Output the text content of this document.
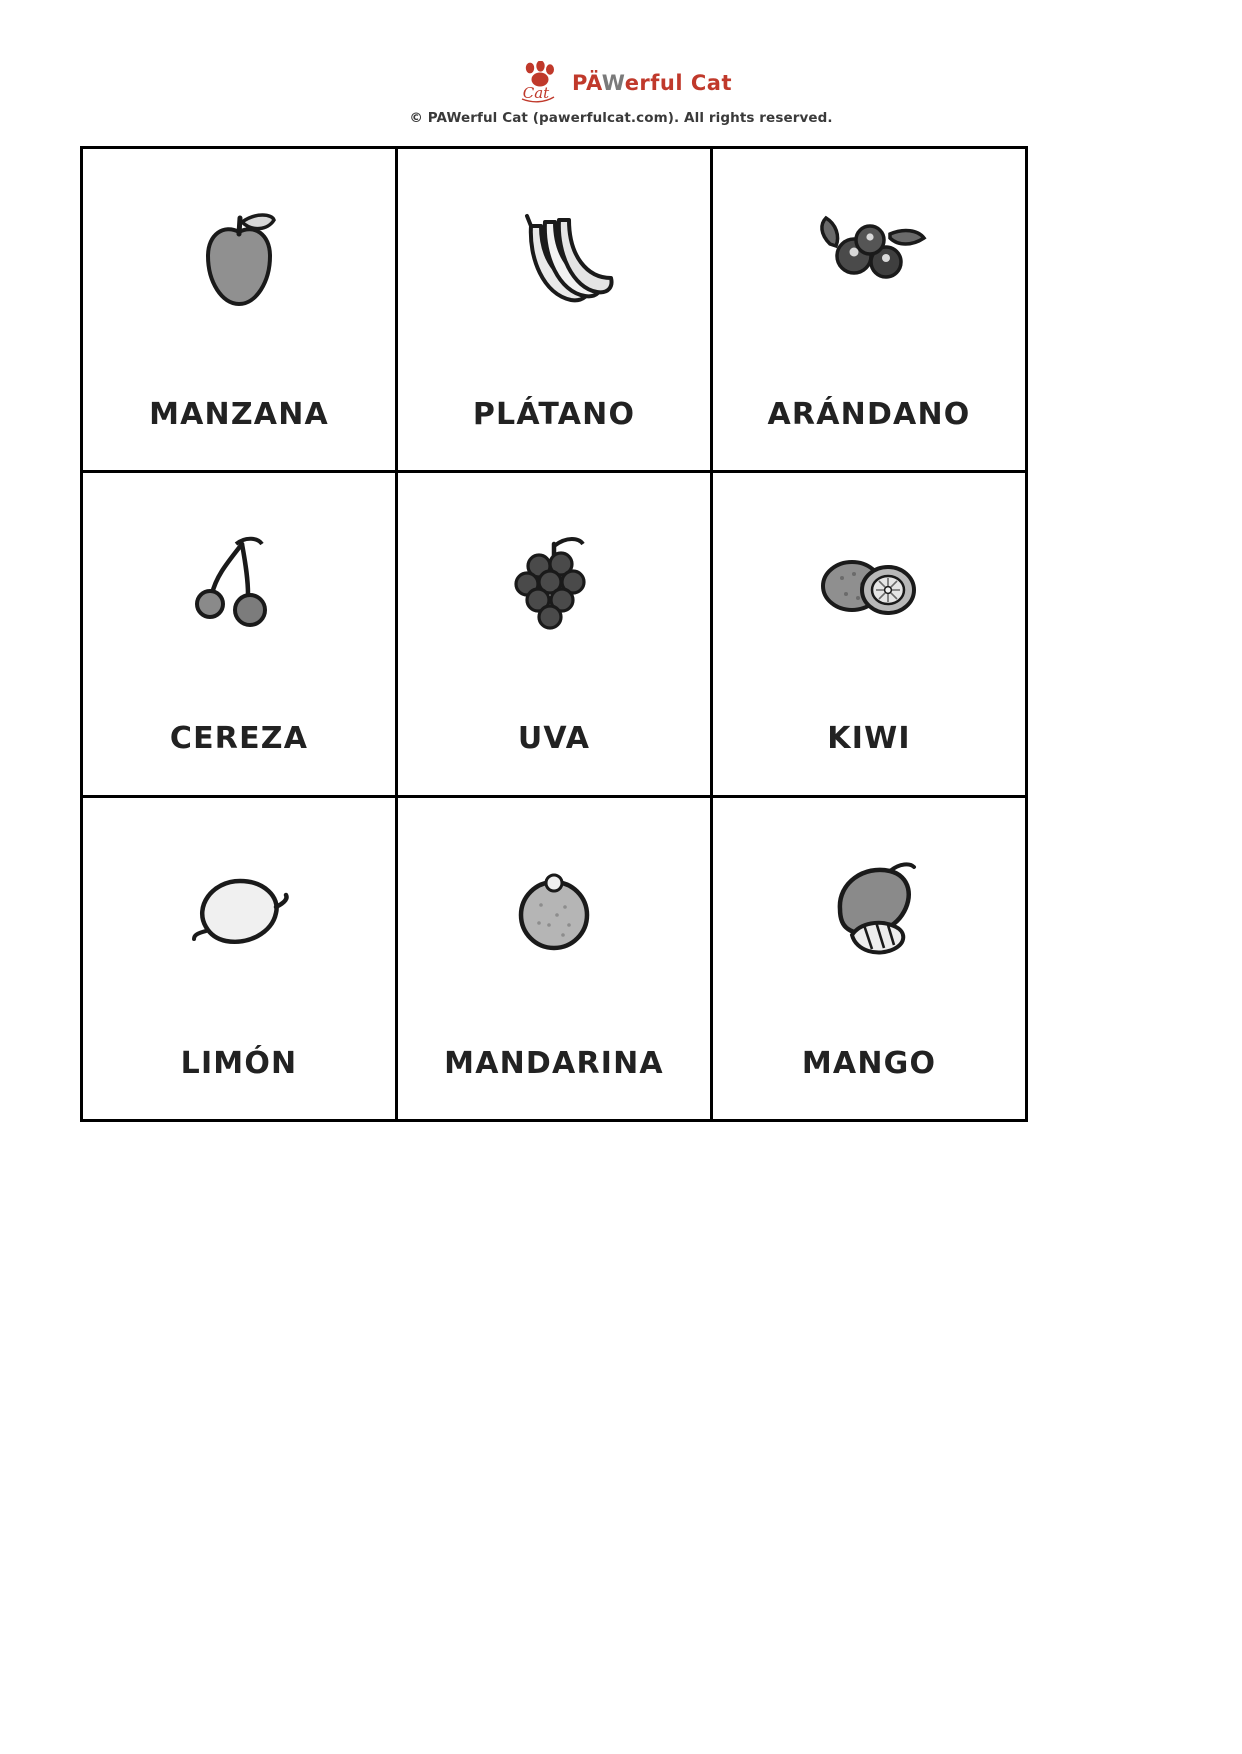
Cat PÄWerful Cat
© PAWerful Cat (pawerfulcat.com). All rights reserved.
MANZANA	PLÁTANO	ARÁNDANO
CEREZA	UVA	KIWI
LIMÓN	MANDARINA	MANGO
